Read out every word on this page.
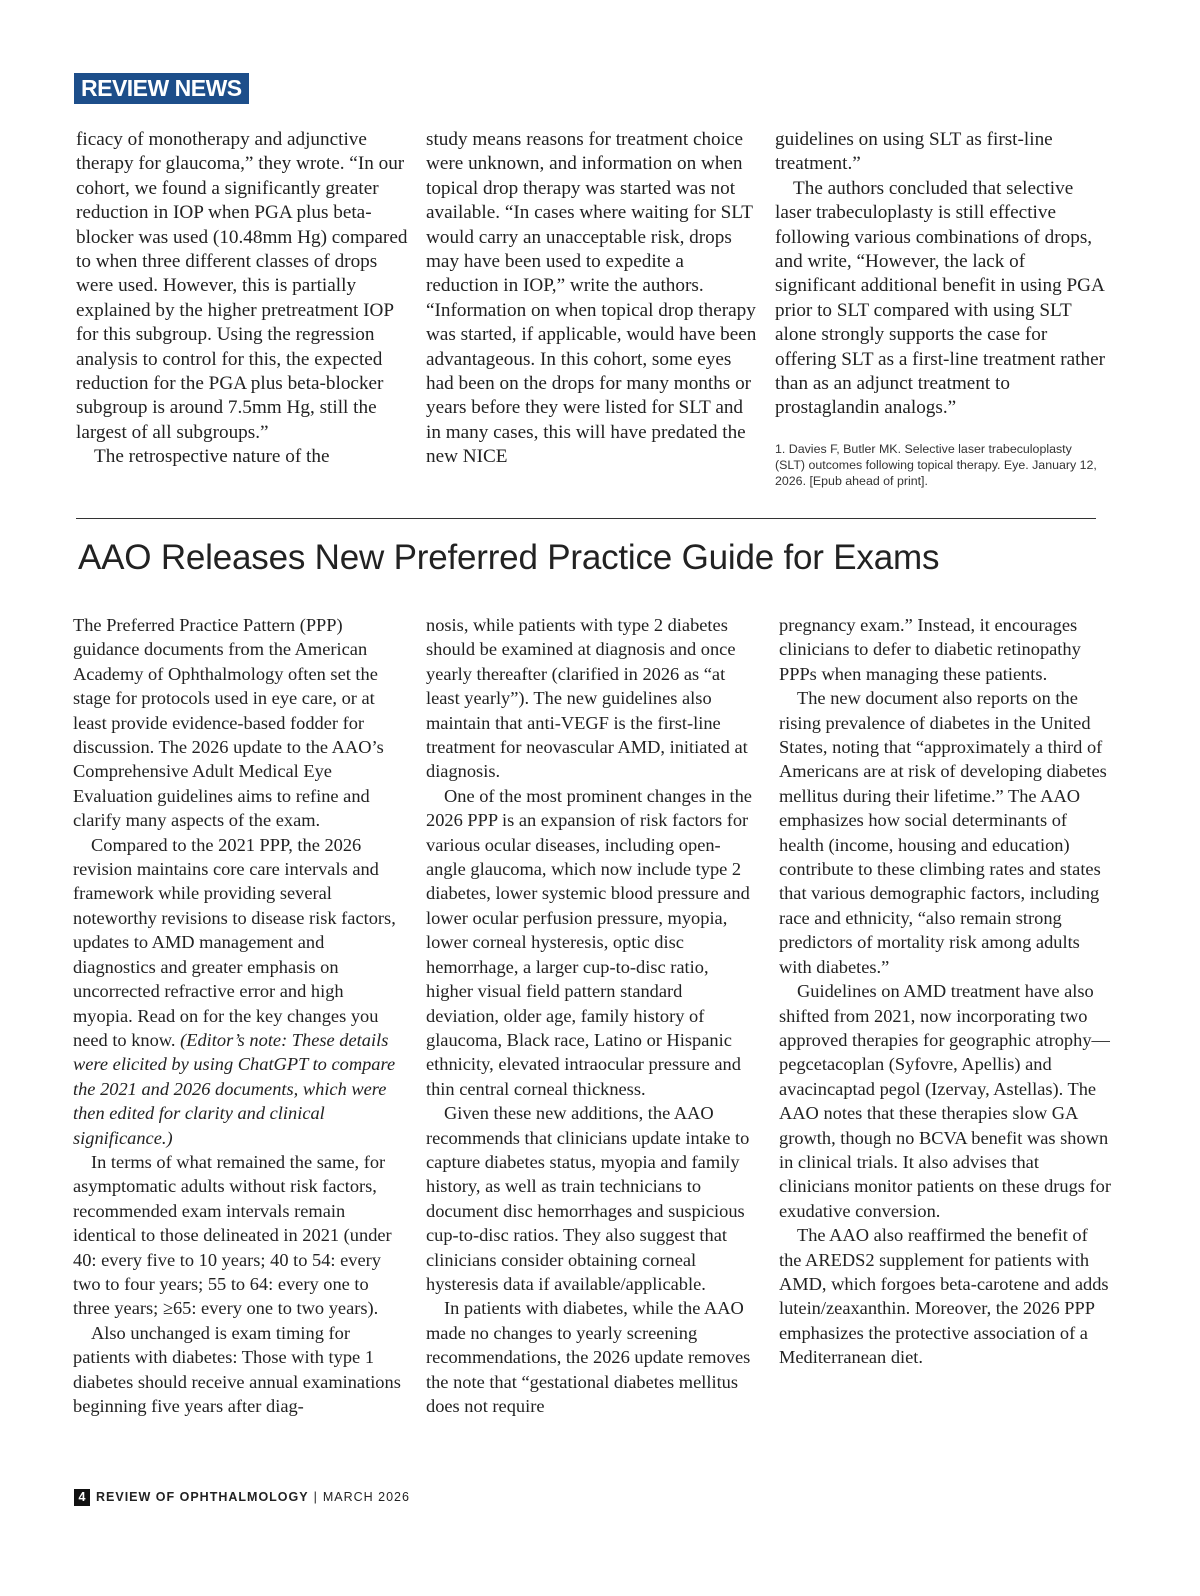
REVIEW NEWS

ficacy of monotherapy and adjunctive therapy for glaucoma,” they wrote. “In our cohort, we found a significantly greater reduction in IOP when PGA plus beta-blocker was used (10.48mm Hg) compared to when three different classes of drops were used. However, this is partially explained by the higher pretreatment IOP for this subgroup. Using the regression analysis to control for this, the expected reduction for the PGA plus beta-blocker subgroup is around 7.5mm Hg, still the largest of all subgroups.”

The retrospective nature of the

study means reasons for treatment choice were unknown, and information on when topical drop therapy was started was not available. “In cases where waiting for SLT would carry an unacceptable risk, drops may have been used to expedite a reduction in IOP,” write the authors. “Information on when topical drop therapy was started, if applicable, would have been advantageous. In this cohort, some eyes had been on the drops for many months or years before they were listed for SLT and in many cases, this will have predated the new NICE

guidelines on using SLT as first-line treatment.”

The authors concluded that selective laser trabeculoplasty is still effective following various combinations of drops, and write, “However, the lack of significant additional benefit in using PGA prior to SLT compared with using SLT alone strongly supports the case for offering SLT as a first-line treatment rather than as an adjunct treatment to prostaglandin analogs.”

1. Davies F, Butler MK. Selective laser trabeculoplasty (SLT) outcomes following topical therapy. Eye. January 12, 2026. [Epub ahead of print].

AAO Releases New Preferred Practice Guide for Exams

The Preferred Practice Pattern (PPP) guidance documents from the American Academy of Ophthalmology often set the stage for protocols used in eye care, or at least provide evidence-based fodder for discussion. The 2026 update to the AAO’s Comprehensive Adult Medical Eye Evaluation guidelines aims to refine and clarify many aspects of the exam.

Compared to the 2021 PPP, the 2026 revision maintains core care intervals and framework while providing several noteworthy revisions to disease risk factors, updates to AMD management and diagnostics and greater emphasis on uncorrected refractive error and high myopia. Read on for the key changes you need to know. (Editor’s note: These details were elicited by using ChatGPT to compare the 2021 and 2026 documents, which were then edited for clarity and clinical significance.)

In terms of what remained the same, for asymptomatic adults without risk factors, recommended exam intervals remain identical to those delineated in 2021 (under 40: every five to 10 years; 40 to 54: every two to four years; 55 to 64: every one to three years; ≥65: every one to two years).

Also unchanged is exam timing for patients with diabetes: Those with type 1 diabetes should receive annual examinations beginning five years after diag-

nosis, while patients with type 2 diabetes should be examined at diagnosis and once yearly thereafter (clarified in 2026 as “at least yearly”). The new guidelines also maintain that anti-VEGF is the first-line treatment for neovascular AMD, initiated at diagnosis.

One of the most prominent changes in the 2026 PPP is an expansion of risk factors for various ocular diseases, including open-angle glaucoma, which now include type 2 diabetes, lower systemic blood pressure and lower ocular perfusion pressure, myopia, lower corneal hysteresis, optic disc hemorrhage, a larger cup-to-disc ratio, higher visual field pattern standard deviation, older age, family history of glaucoma, Black race, Latino or Hispanic ethnicity, elevated intraocular pressure and thin central corneal thickness.

Given these new additions, the AAO recommends that clinicians update intake to capture diabetes status, myopia and family history, as well as train technicians to document disc hemorrhages and suspicious cup-to-disc ratios. They also suggest that clinicians consider obtaining corneal hysteresis data if available/applicable.

In patients with diabetes, while the AAO made no changes to yearly screening recommendations, the 2026 update removes the note that “gestational diabetes mellitus does not require

pregnancy exam.” Instead, it encourages clinicians to defer to diabetic retinopathy PPPs when managing these patients.

The new document also reports on the rising prevalence of diabetes in the United States, noting that “approximately a third of Americans are at risk of developing diabetes mellitus during their lifetime.” The AAO emphasizes how social determinants of health (income, housing and education) contribute to these climbing rates and states that various demographic factors, including race and ethnicity, “also remain strong predictors of mortality risk among adults with diabetes.”

Guidelines on AMD treatment have also shifted from 2021, now incorporating two approved therapies for geographic atrophy—pegcetacoplan (Syfovre, Apellis) and avacincaptad pegol (Izervay, Astellas). The AAO notes that these therapies slow GA growth, though no BCVA benefit was shown in clinical trials. It also advises that clinicians monitor patients on these drugs for exudative conversion.

The AAO also reaffirmed the benefit of the AREDS2 supplement for patients with AMD, which forgoes beta-carotene and adds lutein/zeaxanthin. Moreover, the 2026 PPP emphasizes the protective association of a Mediterranean diet.

4 REVIEW OF OPHTHALMOLOGY | MARCH 2026
